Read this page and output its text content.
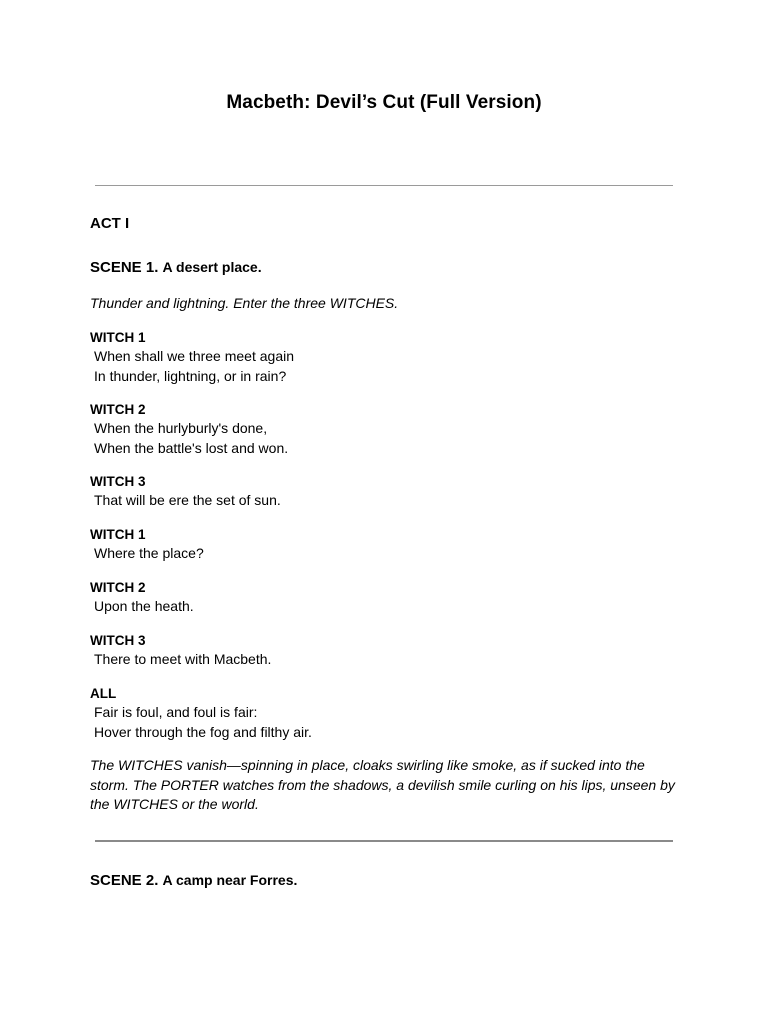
Macbeth: Devil’s Cut (Full Version)
ACT I
SCENE 1. A desert place.
Thunder and lightning. Enter the three WITCHES.
WITCH 1
When shall we three meet again
In thunder, lightning, or in rain?
WITCH 2
When the hurlyburly's done,
When the battle's lost and won.
WITCH 3
That will be ere the set of sun.
WITCH 1
Where the place?
WITCH 2
Upon the heath.
WITCH 3
There to meet with Macbeth.
ALL
Fair is foul, and foul is fair:
Hover through the fog and filthy air.
The WITCHES vanish—spinning in place, cloaks swirling like smoke, as if sucked into the storm. The PORTER watches from the shadows, a devilish smile curling on his lips, unseen by the WITCHES or the world.
SCENE 2. A camp near Forres.
